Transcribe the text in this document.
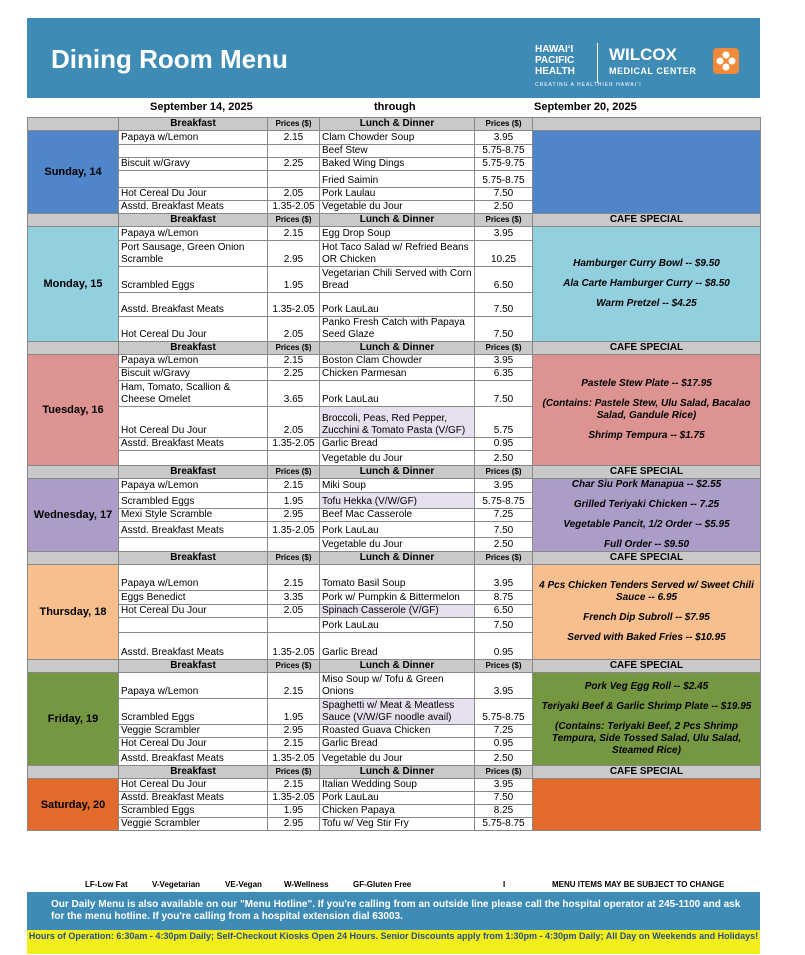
Dining Room Menu	HAWAIʻI
PACIFIC
HEALTH
WILCOX
MEDICAL CENTER
CREATING A HEALTHIER HAWAIʻI
September 14, 2025	through	September 20, 2025
	Breakfast	Prices ($)	Lunch & Dinner	Prices ($)	
Sunday, 14	Papaya w/Lemon	2.15	Clam Chowder Soup	3.95	
			Beef Stew	5.75-8.75	
	Biscuit w/Gravy	2.25	Baked Wing Dings	5.75-9.75	
			Fried Saimin	5.75-8.75	
	Hot Cereal Du Jour	2.05	Pork Laulau	7.50	
	Asstd. Breakfast Meats	1.35-2.05	Vegetable du Jour	2.50	
	Breakfast	Prices ($)	Lunch & Dinner	Prices ($)	CAFÉ SPECIAL
Monday, 15	Papaya w/Lemon	2.15	Egg Drop Soup	3.95	Hamburger Curry Bowl -- $9.50

Ala Carte Hamburger Curry -- $8.50

Warm Pretzel -- $4.25

	Port Sausage, Green Onion Scramble	2.95	Hot Taco Salad w/ Refried Beans OR Chicken	10.25	
	Scrambled Eggs	1.95	Vegetarian Chili Served with Corn Bread	6.50	
	Asstd. Breakfast Meats	1.35-2.05	Pork LauLau	7.50	
	Hot Cereal Du Jour	2.05	Panko Fresh Catch with Papaya Seed Glaze	7.50	
	Breakfast	Prices ($)	Lunch & Dinner	Prices ($)	CAFÉ SPECIAL
Tuesday, 16	Papaya w/Lemon	2.15	Boston Clam Chowder	3.95	Pastele Stew Plate -- $17.95

(Contains: Pastele Stew, Ulu Salad, Bacalao Salad, Gandule Rice)

Shrimp Tempura -- $1.75

	Biscuit w/Gravy	2.25	Chicken Parmesan	6.35	
	Ham, Tomato, Scallion & Cheese Omelet	3.65	Pork LauLau	7.50	
	Hot Cereal Du Jour	2.05	Broccoli, Peas, Red Pepper, Zucchini & Tomato Pasta (V/GF)	5.75	
	Asstd. Breakfast Meats	1.35-2.05	Garlic Bread	0.95	
			Vegetable du Jour	2.50	
	Breakfast	Prices ($)	Lunch & Dinner	Prices ($)	CAFÉ SPECIAL
Wednesday, 17	Papaya w/Lemon	2.15	Miki Soup	3.95	Char Siu Pork Manapua -- $2.55

Grilled Teriyaki Chicken -- 7.25

Vegetable Pancit, 1/2 Order -- $5.95

Full Order -- $9.50

	Scrambled Eggs	1.95	Tofu Hekka (V/W/GF)	5.75-8.75	
	Mexi Style Scramble	2.95	Beef Mac Casserole	7.25	
	Asstd. Breakfast Meats	1.35-2.05	Pork LauLau	7.50	
			Vegetable du Jour	2.50	
	Breakfast	Prices ($)	Lunch & Dinner	Prices ($)	CAFÉ SPECIAL
Thursday, 18	Papaya w/Lemon	2.15	Tomato Basil Soup	3.95	4 Pcs Chicken Tenders Served w/ Sweet Chili Sauce -- 6.95

French Dip Subroll -- $7.95

Served with Baked Fries -- $10.95

	Eggs Benedict	3.35	Pork w/ Pumpkin & Bittermelon	8.75	
	Hot Cereal Du Jour	2.05	Spinach Casserole (V/GF)	6.50	
			Pork LauLau	7.50	
	Asstd. Breakfast Meats	1.35-2.05	Garlic Bread	0.95	
	Breakfast	Prices ($)	Lunch & Dinner	Prices ($)	CAFÉ SPECIAL
Friday, 19	Papaya w/Lemon	2.15	Miso Soup w/ Tofu & Green Onions	3.95	Pork Veg Egg Roll -- $2.45

Teriyaki Beef & Garlic Shrimp Plate -- $19.95

(Contains: Teriyaki Beef, 2 Pcs Shrimp Tempura, Side Tossed Salad, Ulu Salad, Steamed Rice)

	Scrambled Eggs	1.95	Spaghetti w/ Meat & Meatless Sauce (V/W/GF noodle avail)	5.75-8.75	
	Veggie Scrambler	2.95	Roasted Guava Chicken	7.25	
	Hot Cereal Du Jour	2.15	Garlic Bread	0.95	
	Asstd. Breakfast Meats	1.35-2.05	Vegetable du Jour	2.50	
	Breakfast	Prices ($)	Lunch & Dinner	Prices ($)	CAFÉ SPECIAL
Saturday, 20	Hot Cereal Du Jour	2.15	Italian Wedding Soup	3.95	
	Asstd. Breakfast Meats	1.35-2.05	Pork LauLau	7.50	
	Scrambled Eggs	1.95	Chicken Papaya	8.25	
	Veggie Scrambler	2.95	Tofu w/ Veg Stir Fry	5.75-8.75	
LF-Low Fat	V-Vegetarian	VE-Vegan	W-Wellness	GF-Gluten Free	I	MENU ITEMS MAY BE SUBJECT TO CHANGE
Our Daily Menu is also available on our "Menu Hotline". If you're calling from an outside line please call the hospital operator at 245-1100 and ask for the menu hotline. If you're calling from a hospital extension dial 63003.
Hours of Operation: 6:30am - 4:30pm Daily; Self-Checkout Kiosks Open 24 Hours. Senior Discounts apply from 1:30pm - 4:30pm Daily; All Day on Weekends and Holidays!
